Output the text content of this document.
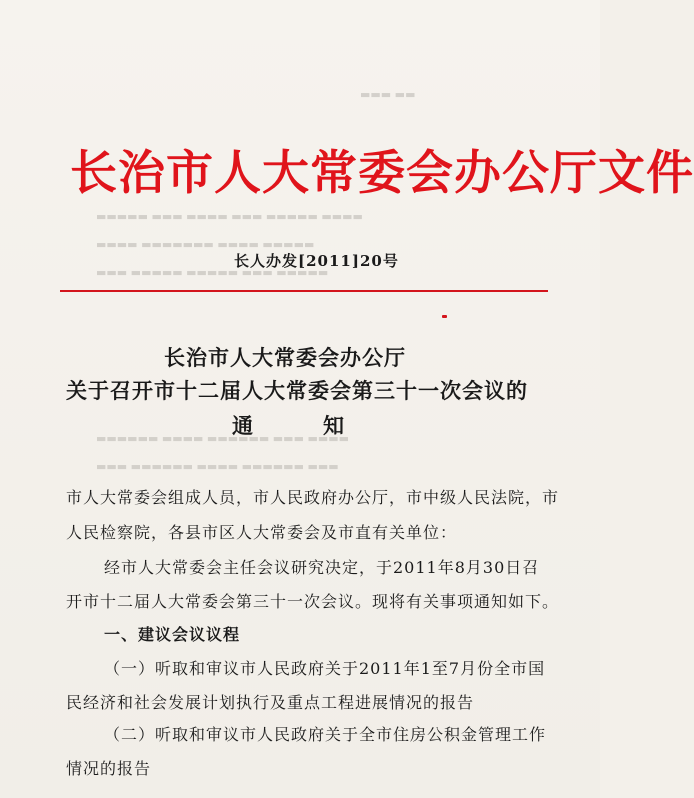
▬▬▬ ▬▬
▬▬▬▬▬ ▬▬▬ ▬▬▬▬ ▬▬▬ ▬▬▬▬▬ ▬▬▬▬
▬▬▬▬ ▬▬▬▬▬▬▬ ▬▬▬▬ ▬▬▬▬▬
▬▬▬ ▬▬▬▬▬ ▬▬▬▬▬ ▬▬▬ ▬▬▬▬▬
▬▬▬▬▬▬ ▬▬▬▬ ▬▬▬▬▬▬ ▬▬▬ ▬▬▬▬
▬▬▬ ▬▬▬▬▬▬ ▬▬▬▬ ▬▬▬▬▬▬ ▬▬▬
长治市人大常委会办公厅文件
长人办发[2011]20号
长治市人大常委会办公厅
关于召开市十二届人大常委会第三十一次会议的
通知
市人大常委会组成人员，市人民政府办公厅，市中级人民法院，市
人民检察院，各县市区人大常委会及市直有关单位：
经市人大常委会主任会议研究决定，于2011年8月30日召
开市十二届人大常委会第三十一次会议。现将有关事项通知如下。
一、建议会议议程
（一）听取和审议市人民政府关于2011年1至7月份全市国
民经济和社会发展计划执行及重点工程进展情况的报告
（二）听取和审议市人民政府关于全市住房公积金管理工作
情况的报告
